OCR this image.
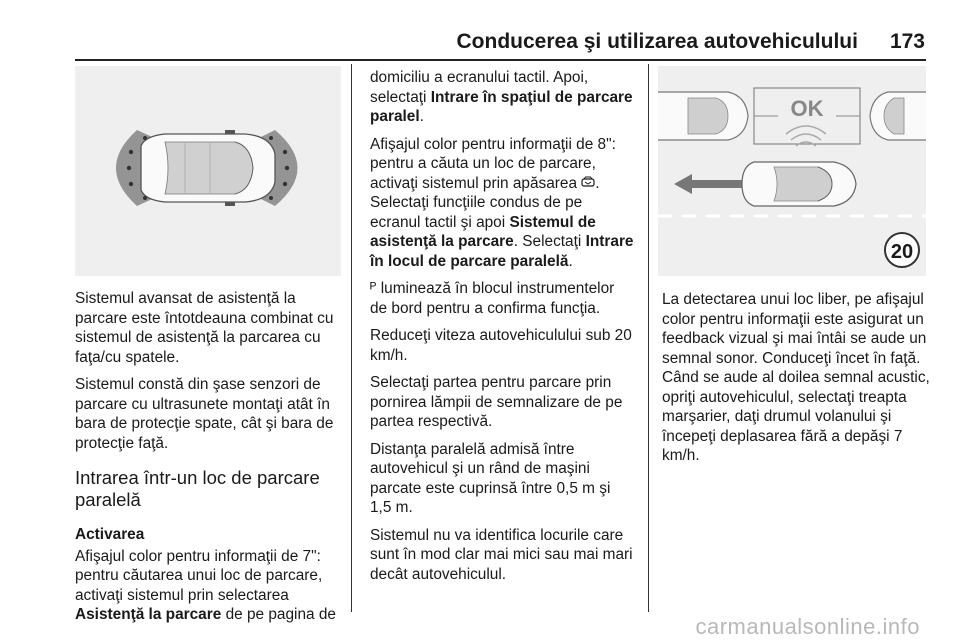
Conducerea şi utilizarea autovehiculului 173

Sistemul avansat de asistenţă la parcare este întotdeauna combinat cu sistemul de asistenţă la parcarea cu faţa/cu spatele.

Sistemul constă din şase senzori de parcare cu ultrasunete montaţi atât în bara de protecţie spate, cât şi bara de protecţie faţă.

Intrarea într-un loc de parcare paralelă
Activarea

Afişajul color pentru informaţii de 7": pentru căutarea unui loc de parcare, activaţi sistemul prin selectarea Asistenţă la parcare de pe pagina de

domiciliu a ecranului tactil. Apoi, selectaţi Intrare în spaţiul de parcare paralel.

Afişajul color pentru informaţii de 8": pentru a căuta un loc de parcare, activaţi sistemul prin apăsarea . Selectaţi funcţiile condus de pe ecranul tactil şi apoi Sistemul de asistenţă la parcare. Selectaţi Intrare în locul de parcare paralelă.

ᴾ luminează în blocul instrumentelor de bord pentru a confirma funcţia.

Reduceţi viteza autovehiculului sub 20 km/h.

Selectaţi partea pentru parcare prin pornirea lămpii de semnalizare de pe partea respectivă.

Distanţa paralelă admisă între autovehicul şi un rând de maşini parcate este cuprinsă între 0,5 m şi 1,5 m.

Sistemul nu va identifica locurile care sunt în mod clar mai mici sau mai mari decât autovehiculul.

OK
20

La detectarea unui loc liber, pe afişajul color pentru informaţii este asigurat un feedback vizual şi mai întâi se aude un semnal sonor. Conduceţi încet în faţă. Când se aude al doilea semnal acustic, opriţi autovehiculul, selectaţi treapta marşarier, daţi drumul volanului şi începeţi deplasarea fără a depăşi 7 km/h.

carmanualsonline.info
